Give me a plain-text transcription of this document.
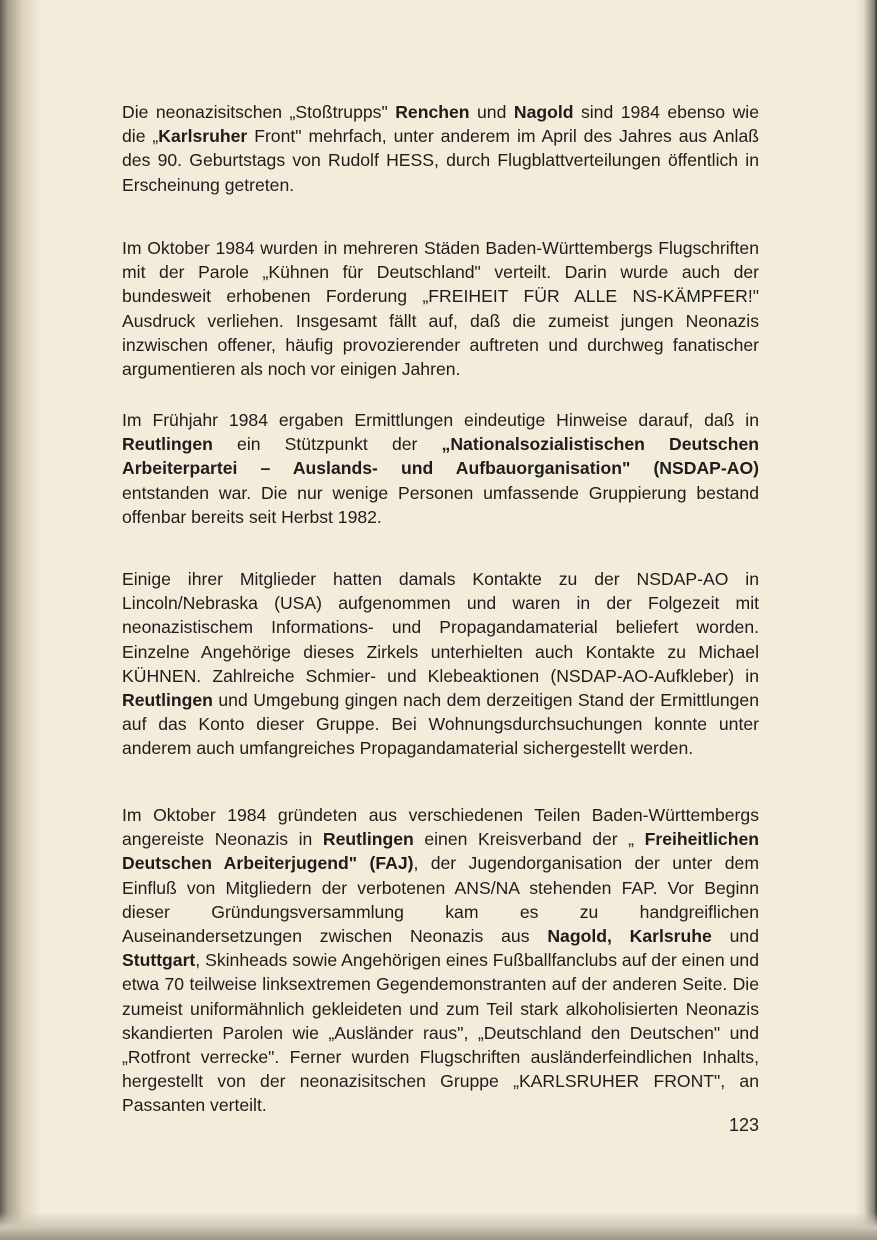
Die neonazisitschen „Stoßtrupps" Renchen und Nagold sind 1984 ebenso wie die „Karlsruher Front" mehrfach, unter anderem im April des Jahres aus Anlaß des 90. Geburtstags von Rudolf HESS, durch Flugblattverteilungen öffentlich in Erscheinung getreten.

Im Oktober 1984 wurden in mehreren Städen Baden-Württembergs Flugschriften mit der Parole „Kühnen für Deutschland" verteilt. Darin wurde auch der bundesweit erhobenen Forderung „FREIHEIT FÜR ALLE NS-KÄMPFER!" Ausdruck verliehen. Insgesamt fällt auf, daß die zumeist jungen Neonazis inzwischen offener, häufig provozierender auftreten und durchweg fanatischer argumentieren als noch vor einigen Jahren.

Im Frühjahr 1984 ergaben Ermittlungen eindeutige Hinweise darauf, daß in Reutlingen ein Stützpunkt der „Nationalsozialistischen Deutschen Arbeiterpartei – Auslands- und Aufbauorganisation" (NSDAP-AO) entstanden war. Die nur wenige Personen umfassende Gruppierung bestand offenbar bereits seit Herbst 1982.

Einige ihrer Mitglieder hatten damals Kontakte zu der NSDAP-AO in Lincoln/Nebraska (USA) aufgenommen und waren in der Folgezeit mit neonazistischem Informations- und Propagandamaterial beliefert worden. Einzelne Angehörige dieses Zirkels unterhielten auch Kontakte zu Michael KÜHNEN. Zahlreiche Schmier- und Klebeaktionen (NSDAP-AO-Aufkleber) in Reutlingen und Umgebung gingen nach dem derzeitigen Stand der Ermittlungen auf das Konto dieser Gruppe. Bei Wohnungsdurchsuchungen konnte unter anderem auch umfangreiches Propagandamaterial sichergestellt werden.

Im Oktober 1984 gründeten aus verschiedenen Teilen Baden-Württembergs angereiste Neonazis in Reutlingen einen Kreisverband der „ Freiheitlichen Deutschen Arbeiterjugend" (FAJ), der Jugendorganisation der unter dem Einfluß von Mitgliedern der verbotenen ANS/NA stehenden FAP. Vor Beginn dieser Gründungsversammlung kam es zu handgreiflichen Auseinandersetzungen zwischen Neonazis aus Nagold, Karlsruhe und Stuttgart, Skinheads sowie Angehörigen eines Fußballfanclubs auf der einen und etwa 70 teilweise linksextremen Gegendemonstranten auf der anderen Seite. Die zumeist uniformähnlich gekleideten und zum Teil stark alkoholisierten Neonazis skandierten Parolen wie „Ausländer raus", „Deutschland den Deutschen" und „Rotfront verrecke". Ferner wurden Flugschriften ausländerfeindlichen Inhalts, hergestellt von der neonazisitschen Gruppe „KARLSRUHER FRONT", an Passanten verteilt.

123
